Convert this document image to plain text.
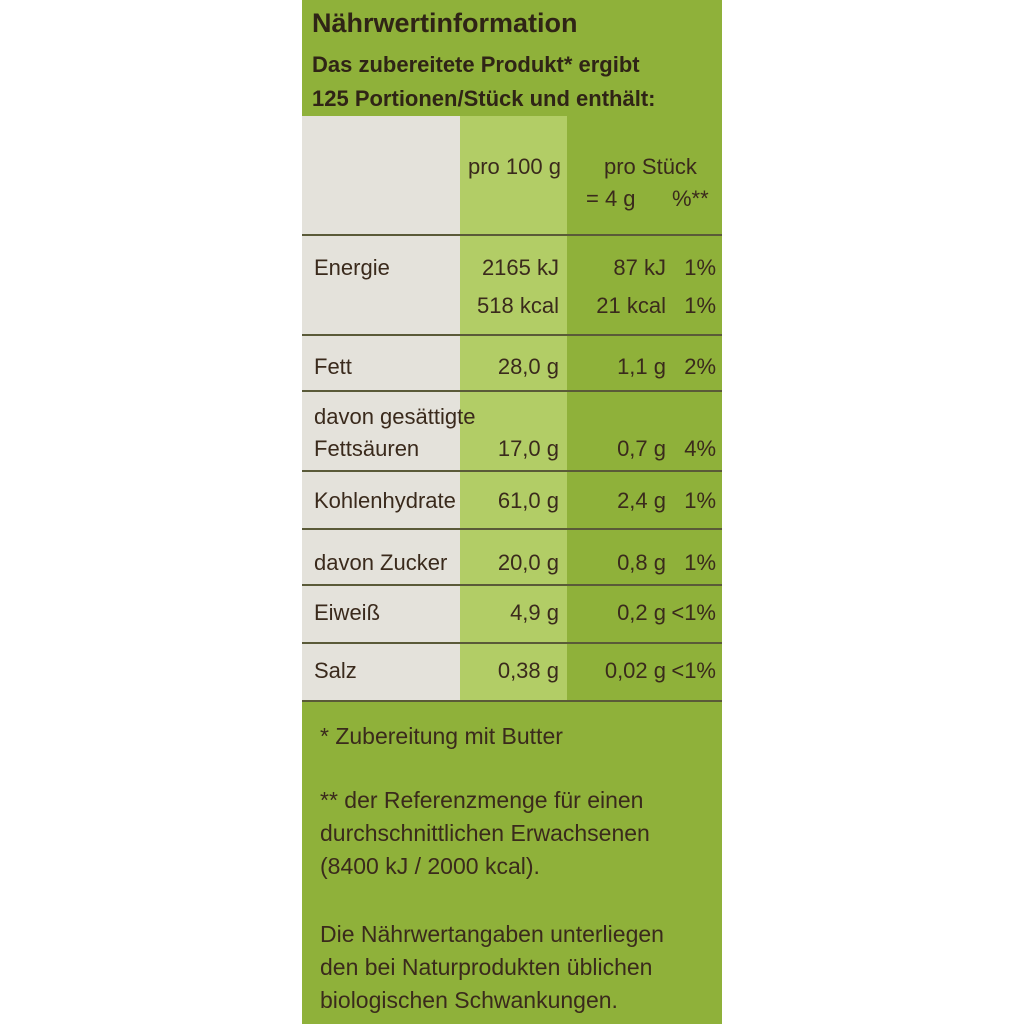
Nährwertinformation
Das zubereitete Produkt* ergibt
125 Portionen/Stück und enthält:
pro 100 g pro Stück
= 4 g %**
Energie	2165 kJ 87 kJ 1%
518 kcal 21 kcal 1%
Fett	28,0 g	1,1 g 2%
davon gesättigte
Fettsäuren	17,0 g	0,7 g 4%
Kohlenhydrate 61,0 g	2,4 g 1%
davon Zucker 20,0 g	0,8 g 1%
Eiweiß	4,9 g	0,2 g <1%
Salz	0,38 g 0,02 g <1%
* Zubereitung mit Butter
** der Referenzmenge für einen
durchschnittlichen Erwachsenen
(8400 kJ / 2000 kcal).
Die Nährwertangaben unterliegen
den bei Naturprodukten üblichen
biologischen Schwankungen.
